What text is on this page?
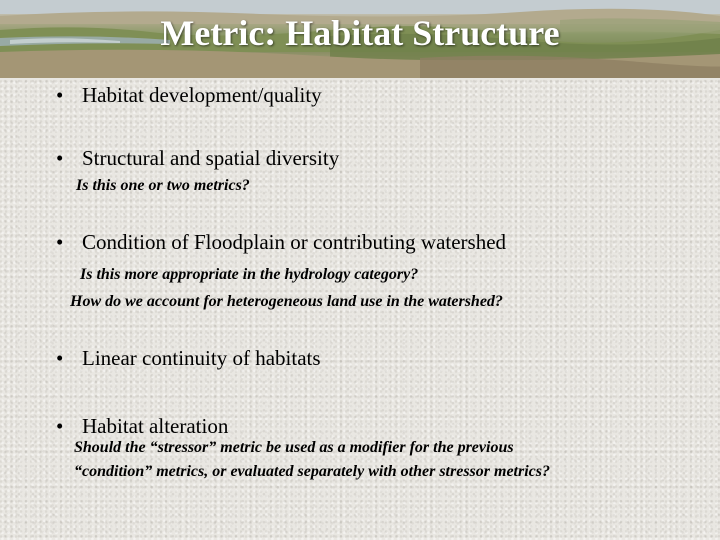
Metric: Habitat Structure

• Habitat development/quality

• Structural and spatial diversity

Is this one or two metrics?

• Condition of Floodplain or contributing watershed

Is this more appropriate in the hydrology category?

How do we account for heterogeneous land use in the watershed?

• Linear continuity of habitats

• Habitat alteration

Should the “stressor” metric be used as a modifier for the previous

“condition” metrics, or evaluated separately with other stressor metrics?
